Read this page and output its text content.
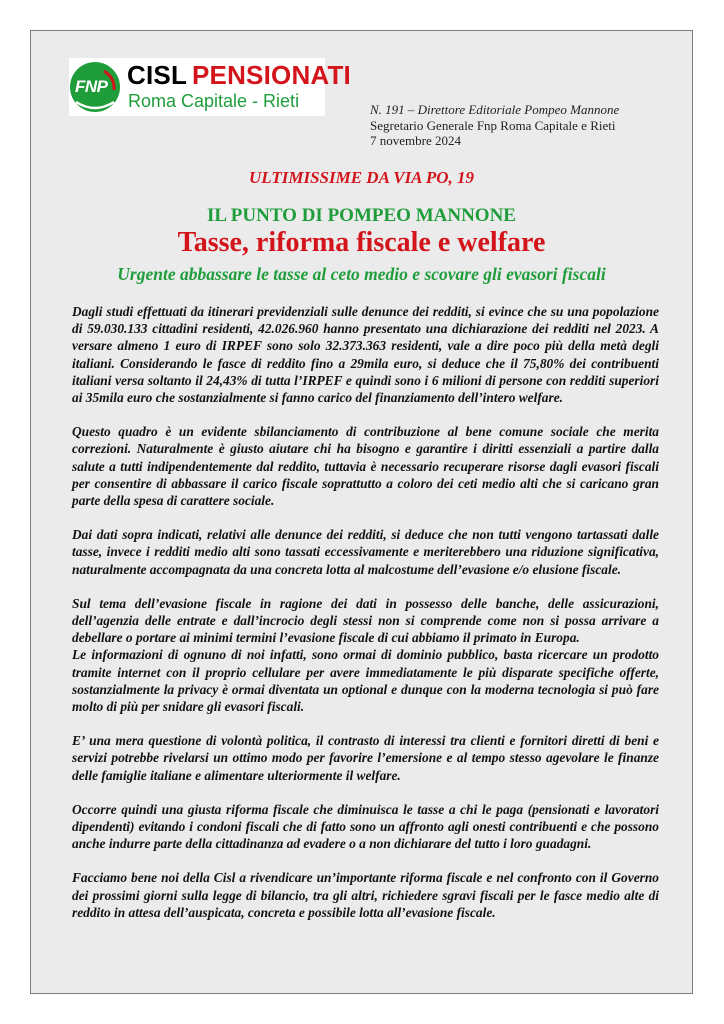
FNP CISL PENSIONATI
Roma Capitale - Rieti	N. 191 – Direttore Editoriale Pompeo Mannone
Segretario Generale Fnp Roma Capitale e Rieti
7 novembre 2024
ULTIMISSIME DA VIA PO, 19
IL PUNTO DI POMPEO MANNONE
Tasse, riforma fiscale e welfare
Urgente abbassare le tasse al ceto medio e scovare gli evasori fiscali

Dagli studi effettuati da itinerari previdenziali sulle denunce dei redditi, si evince che su una popolazione di 59.030.133 cittadini residenti, 42.026.960 hanno presentato una dichiarazione dei redditi nel 2023. A versare almeno 1 euro di IRPEF sono solo 32.373.363 residenti, vale a dire poco più della metà degli italiani. Considerando le fasce di reddito fino a 29mila euro, si deduce che il 75,80% dei contribuenti italiani versa soltanto il 24,43% di tutta l’IRPEF e quindi sono i 6 milioni di persone con redditi superiori ai 35mila euro che sostanzialmente si fanno carico del finanziamento dell’intero welfare.

Questo quadro è un evidente sbilanciamento di contribuzione al bene comune sociale che merita correzioni. Naturalmente è giusto aiutare chi ha bisogno e garantire i diritti essenziali a partire dalla salute a tutti indipendentemente dal reddito, tuttavia è necessario recuperare risorse dagli evasori fiscali per consentire di abbassare il carico fiscale soprattutto a coloro dei ceti medio alti che si caricano gran parte della spesa di carattere sociale.

Dai dati sopra indicati, relativi alle denunce dei redditi, si deduce che non tutti vengono tartassati dalle tasse, invece i redditi medio alti sono tassati eccessivamente e meriterebbero una riduzione significativa, naturalmente accompagnata da una concreta lotta al malcostume dell’evasione e/o elusione fiscale.

Sul tema dell’evasione fiscale in ragione dei dati in possesso delle banche, delle assicurazioni, dell’agenzia delle entrate e dall’incrocio degli stessi non si comprende come non si possa arrivare a debellare o portare ai minimi termini l’evasione fiscale di cui abbiamo il primato in Europa.

Le informazioni di ognuno di noi infatti, sono ormai di dominio pubblico, basta ricercare un prodotto tramite internet con il proprio cellulare per avere immediatamente le più disparate specifiche offerte, sostanzialmente la privacy è ormai diventata un optional e dunque con la moderna tecnologia si può fare molto di più per snidare gli evasori fiscali.

E’ una mera questione di volontà politica, il contrasto di interessi tra clienti e fornitori diretti di beni e servizi potrebbe rivelarsi un ottimo modo per favorire l’emersione e al tempo stesso agevolare le finanze delle famiglie italiane e alimentare ulteriormente il welfare.

Occorre quindi una giusta riforma fiscale che diminuisca le tasse a chi le paga (pensionati e lavoratori dipendenti) evitando i condoni fiscali che di fatto sono un affronto agli onesti contribuenti e che possono anche indurre parte della cittadinanza ad evadere o a non dichiarare del tutto i loro guadagni.

Facciamo bene noi della Cisl a rivendicare un’importante riforma fiscale e nel confronto con il Governo dei prossimi giorni sulla legge di bilancio, tra gli altri, richiedere sgravi fiscali per le fasce medio alte di reddito in attesa dell’auspicata, concreta e possibile lotta all’evasione fiscale.
